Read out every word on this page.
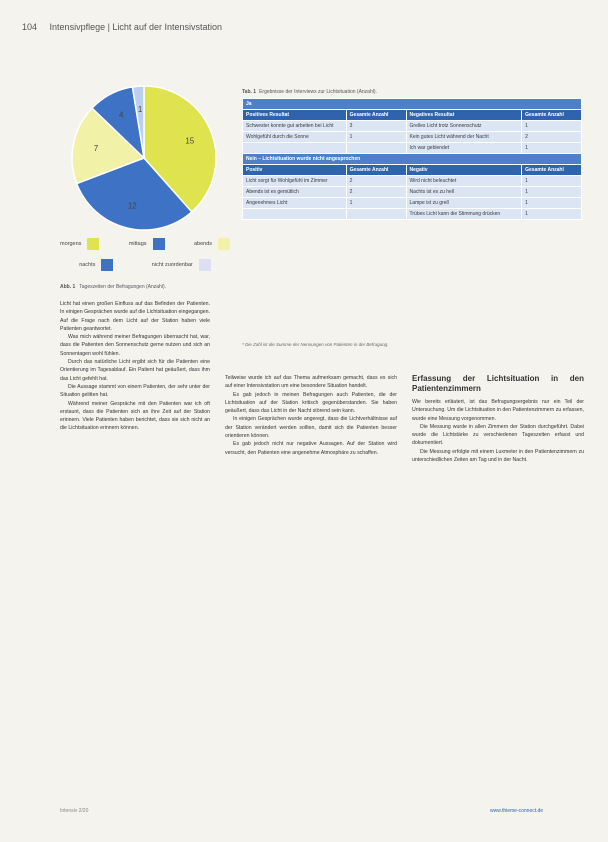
104 Intensivpflege | Licht auf der Intensivstation
15
12
7
4
1
morgens	mittags	abends
nachts	nicht zuordenbar
Abb. 1 Tageszeiten der Befragungen (Anzahl).
Tab. 1 Ergebnisse der Interviews zur Lichtsituation (Anzahl).
Ja			
Positives Resultat	Gesamte Anzahl	Negatives Resultat	Gesamte Anzahl
Schwester konnte gut arbeiten bei Licht	3	Grelles Licht trotz Sonnenschutz	1
Wohlgefühl durch die Sonne	1	Kein gutes Licht während der Nacht	2
		Ich war geblendet	1
Nein – Lichtsituation wurde nicht angesprochen			
Positiv	Gesamte Anzahl	Negativ	Gesamte Anzahl
Licht sorgt für Wohlgefühl im Zimmer	2	Wird nicht beleuchtet	1
Abends ist es gemütlich	2	Nachts ist es zu hell	1
Angenehmes Licht	1	Lampe ist zu grell	1
		Trübes Licht kann die Stimmung drücken	1
* Die Zahl ist die Summe der Nennungen von Patienten in der Befragung.

Licht hat einen großen Einfluss auf das Befinden der Patienten. In einigen Gesprächen wurde auf die Lichtsituation eingegangen. Auf die Frage nach dem Licht auf der Station haben viele Patienten geantwortet.

Was mich während meiner Befragungen überrascht hat, war, dass die Patienten den Sonnenschutz gerne nutzen und sich an Sonnentagen wohl fühlen.

Durch das natürliche Licht ergibt sich für die Patienten eine Orientierung im Tagesablauf. Ein Patient hat geäußert, dass ihm das Licht gefehlt hat.

Die Aussage stammt von einem Patienten, der sehr unter der Situation gelitten hat.

Während meiner Gespräche mit den Patienten war ich oft erstaunt, dass die Patienten sich an ihre Zeit auf der Station erinnern. Viele Patienten haben berichtet, dass sie sich nicht an die Lichtsituation erinnern können.

Teilweise wurde ich auf das Thema aufmerksam gemacht, dass es sich auf einer Intensivstation um eine besondere Situation handelt.

Es gab jedoch in meinen Befragungen auch Patienten, die der Lichtsituation auf der Station kritisch gegenüberstanden. Sie haben geäußert, dass das Licht in der Nacht störend sein kann.

In einigen Gesprächen wurde angeregt, dass die Lichtverhältnisse auf der Station verändert werden sollten, damit sich die Patienten besser orientieren können.

Es gab jedoch nicht nur negative Aussagen. Auf der Station wird versucht, den Patienten eine angenehme Atmosphäre zu schaffen.

Erfassung der Lichtsituation in den Patientenzimmern

Wie bereits erläutert, ist das Befragungsergebnis nur ein Teil der Untersuchung. Um die Lichtsituation in den Patientenzimmern zu erfassen, wurde eine Messung vorgenommen.

Die Messung wurde in allen Zimmern der Station durchgeführt. Dabei wurde die Lichtstärke zu verschiedenen Tageszeiten erfasst und dokumentiert.

Die Messung erfolgte mit einem Luxmeter in den Patientenzimmern zu unterschiedlichen Zeiten am Tag und in der Nacht.

Intensiv 2/20	www.thieme-connect.de
